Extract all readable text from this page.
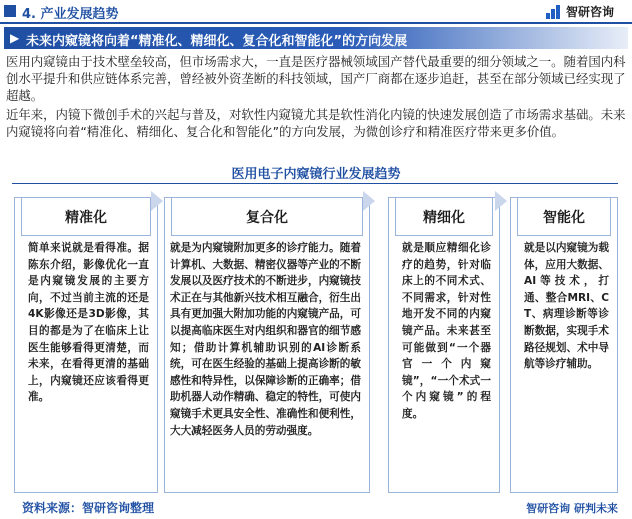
4. 产业发展趋势	智研咨询
▶ 未来内窥镜将向着“精准化、精细化、复合化和智能化”的方向发展
医用内窥镜由于技术壁垒较高，但市场需求大，一直是医疗器械领域国产替代最重要的细分领域之一。随着国内科创水平提升和供应链体系完善，曾经被外资垄断的科技领域，国产厂商都在逐步追赶，甚至在部分领域已经实现了超越。
近年来，内镜下微创手术的兴起与普及，对软性内窥镜尤其是软性消化内镜的快速发展创造了市场需求基础。未来内窥镜将向着“精准化、精细化、复合化和智能化”的方向发展，为微创诊疗和精准医疗带来更多价值。
医用电子内窥镜行业发展趋势
精准化
简单来说就是看得准。据陈东介绍，影像优化一直是内窥镜发展的主要方向，不过当前主流的还是4K影像还是3D影像，其目的都是为了在临床上让医生能够看得更清楚，而未来，在看得更清的基础上，内窥镜还应该看得更准。
复合化
就是为内窥镜附加更多的诊疗能力。随着计算机、大数据、精密仪器等产业的不断发展以及医疗技术的不断进步，内窥镜技术正在与其他新兴技术相互融合，衍生出具有更加强大附加功能的内窥镜产品，可以提高临床医生对内组织和器官的细节感知；借助计算机辅助识别的AI诊断系统，可在医生经验的基础上提高诊断的敏感性和特异性，以保障诊断的正确率；借助机器人动作精确、稳定的特性，可使内窥镜手术更具安全性、准确性和便利性，大大减轻医务人员的劳动强度。
精细化
就是顺应精细化诊疗的趋势，针对临床上的不同术式、不同需求，针对性地开发不同的内窥镜产品。未来甚至可能做到“一个器官一个内窥镜”，“一个术式一个内窥镜”的程度。
智能化
就是以内窥镜为载体，应用大数据、AI等技术，打通、整合MRI、CT、病理诊断等诊断数据，实现手术路径规划、术中导航等诊疗辅助。
资料来源：智研咨询整理	智研咨询 研判未来
